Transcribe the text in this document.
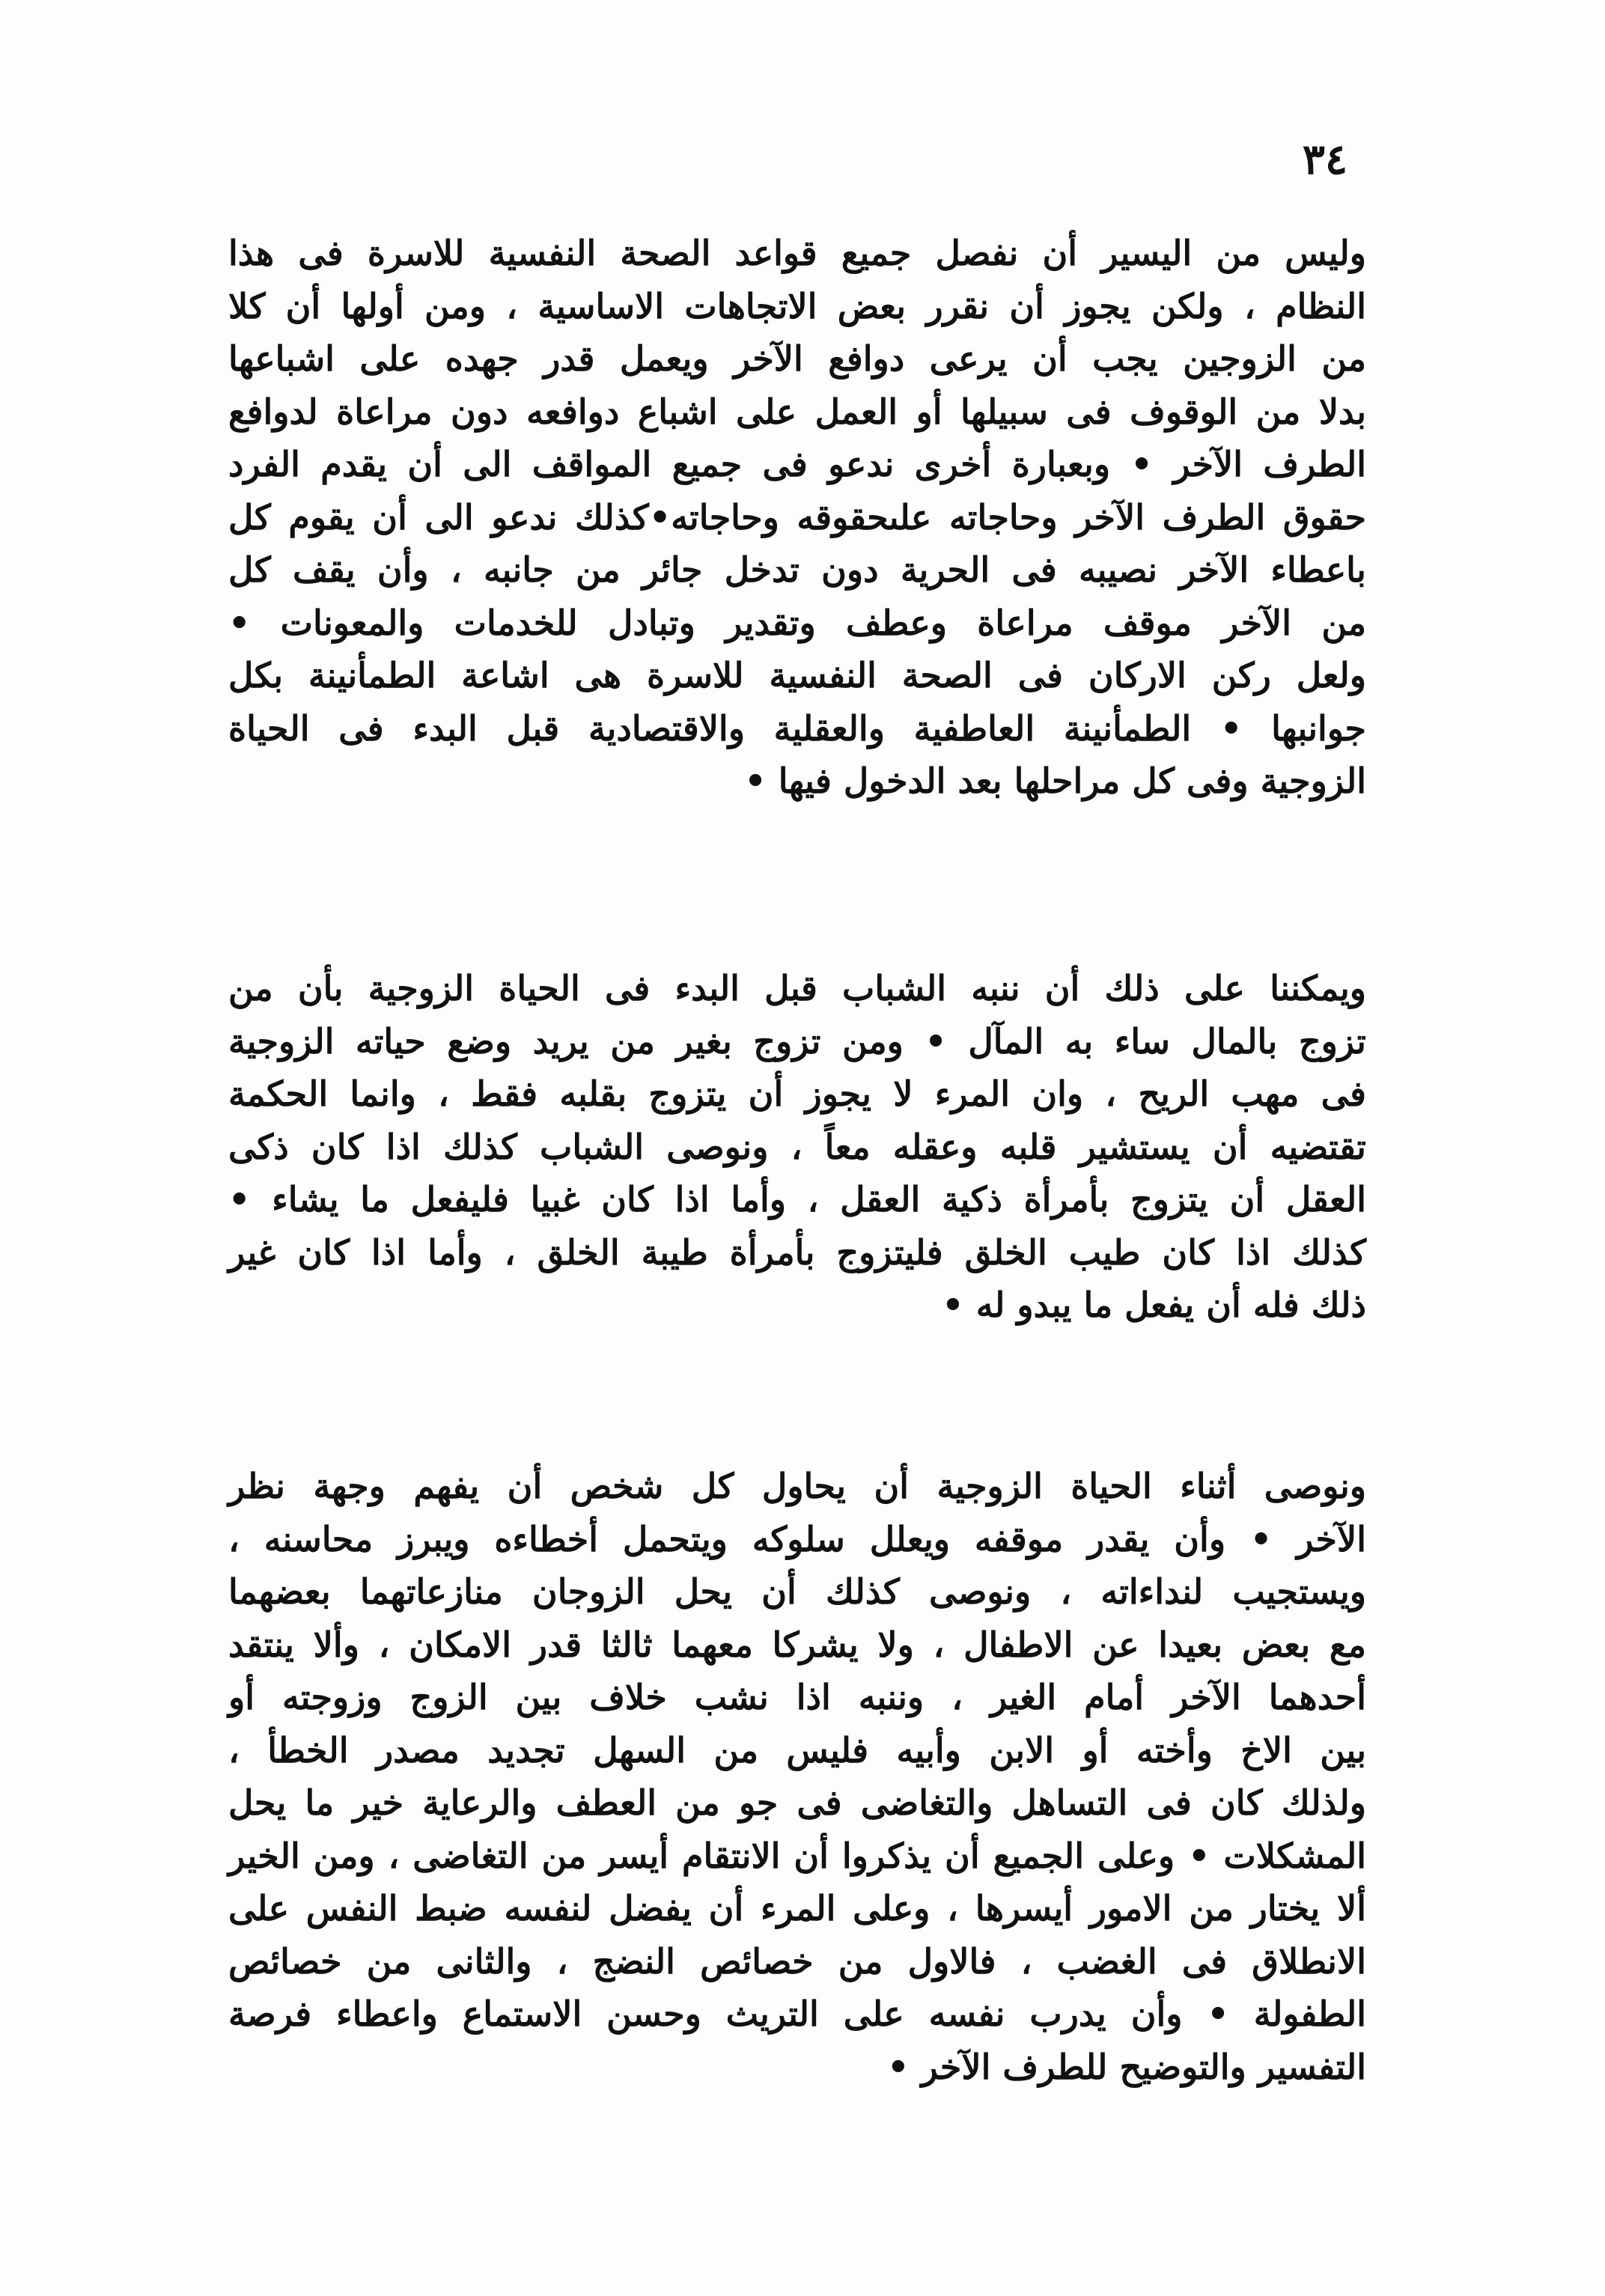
٣٤
وليس من اليسير أن نفصل جميع قواعد الصحة النفسية للاسرة فى هذا
النظام ، ولكن يجوز أن نقرر بعض الاتجاهات الاساسية ، ومن أولها أن كلا
من الزوجين يجب أن يرعى دوافع الآخر ويعمل قدر جهده على اشباعها
بدلا من الوقوف فى سبيلها أو العمل على اشباع دوافعه دون مراعاة لدوافع
الطرف الآخر • وبعبارة أخرى ندعو فى جميع المواقف الى أن يقدم الفرد
حقوق الطرف الآخر وحاجاته علىحقوقه وحاجاته•كذلك ندعو الى أن يقوم كل
باعطاء الآخر نصيبه فى الحرية دون تدخل جائر من جانبه ، وأن يقف كل
من الآخر موقف مراعاة وعطف وتقدير وتبادل للخدمات والمعونات •
ولعل ركن الاركان فى الصحة النفسية للاسرة هى اشاعة الطمأنينة بكل
جوانبها • الطمأنينة العاطفية والعقلية والاقتصادية قبل البدء فى الحياة
الزوجية وفى كل مراحلها بعد الدخول فيها •
ويمكننا على ذلك أن ننبه الشباب قبل البدء فى الحياة الزوجية بأن من
تزوج بالمال ساء به المآل • ومن تزوج بغير من يريد وضع حياته الزوجية
فى مهب الريح ، وان المرء لا يجوز أن يتزوج بقلبه فقط ، وانما الحكمة
تقتضيه أن يستشير قلبه وعقله معاً ، ونوصى الشباب كذلك اذا كان ذكى
العقل أن يتزوج بأمرأة ذكية العقل ، وأما اذا كان غبيا فليفعل ما يشاء •
كذلك اذا كان طيب الخلق فليتزوج بأمرأة طيبة الخلق ، وأما اذا كان غير
ذلك فله أن يفعل ما يبدو له •
ونوصى أثناء الحياة الزوجية أن يحاول كل شخص أن يفهم وجهة نظر
الآخر • وأن يقدر موقفه ويعلل سلوكه ويتحمل أخطاءه ويبرز محاسنه ،
ويستجيب لنداءاته ، ونوصى كذلك أن يحل الزوجان منازعاتهما بعضهما
مع بعض بعيدا عن الاطفال ، ولا يشركا معهما ثالثا قدر الامكان ، وألا ينتقد
أحدهما الآخر أمام الغير ، وننبه اذا نشب خلاف بين الزوج وزوجته أو
بين الاخ وأخته أو الابن وأبيه فليس من السهل تجديد مصدر الخطأ ،
ولذلك كان فى التساهل والتغاضى فى جو من العطف والرعاية خير ما يحل
المشكلات • وعلى الجميع أن يذكروا أن الانتقام أيسر من التغاضى ، ومن الخير
ألا يختار من الامور أيسرها ، وعلى المرء أن يفضل لنفسه ضبط النفس على
الانطلاق فى الغضب ، فالاول من خصائص النضج ، والثانى من خصائص
الطفولة • وأن يدرب نفسه على التريث وحسن الاستماع واعطاء فرصة
التفسير والتوضيح للطرف الآخر •
